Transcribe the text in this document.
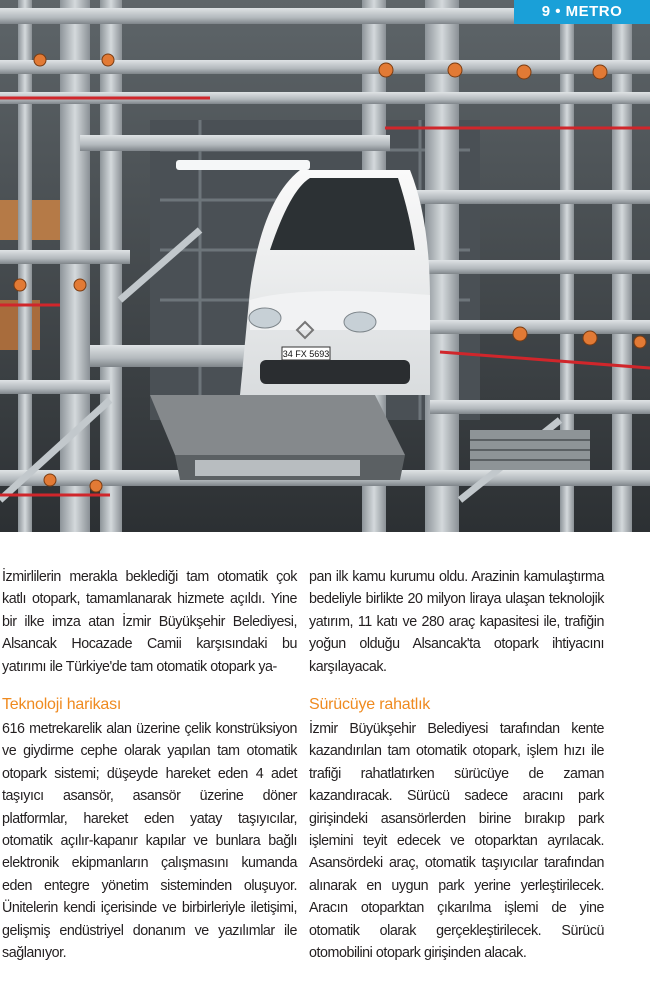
34 FX 5693
9 • METRO

İzmirlilerin merakla beklediği tam otomatik çok katlı otopark, tamamlanarak hizmete açıldı. Yine bir ilke imza atan İzmir Büyükşehir Belediyesi, Alsancak Hocazade Camii karşısındaki bu yatırımı ile Türkiye'de tam otomatik otopark ya-

Teknoloji harikası

616 metrekarelik alan üzerine çelik konstrüksiyon ve giydirme cephe olarak yapılan tam otomatik otopark sistemi; düşeyde hareket eden 4 adet taşıyıcı asansör, asansör üzerine döner platformlar, hareket eden yatay taşıyıcılar, otomatik açılır-kapanır kapılar ve bunlara bağlı elektronik ekipmanların çalışmasını kumanda eden entegre yönetim sisteminden oluşuyor. Ünitelerin kendi içerisinde ve birbirleriyle iletişimi, gelişmiş endüstriyel donanım ve yazılımlar ile sağlanıyor.

pan ilk kamu kurumu oldu. Arazinin kamulaştırma bedeliyle birlikte 20 milyon liraya ulaşan teknolojik yatırım, 11 katı ve 280 araç kapasitesi ile, trafiğin yoğun olduğu Alsancak'ta otopark ihtiyacını karşılayacak.

Sürücüye rahatlık

İzmir Büyükşehir Belediyesi tarafından kente kazandırılan tam otomatik otopark, işlem hızı ile trafiği rahatlatırken sürücüye de zaman kazandıracak. Sürücü sadece aracını park girişindeki asansörlerden birine bırakıp park işlemini teyit edecek ve otoparktan ayrılacak. Asansördeki araç, otomatik taşıyıcılar tarafından alınarak en uygun park yerine yerleştirilecek. Aracın otoparktan çıkarılma işlemi de yine otomatik olarak gerçekleştirilecek. Sürücü otomobilini otopark girişinden alacak.
